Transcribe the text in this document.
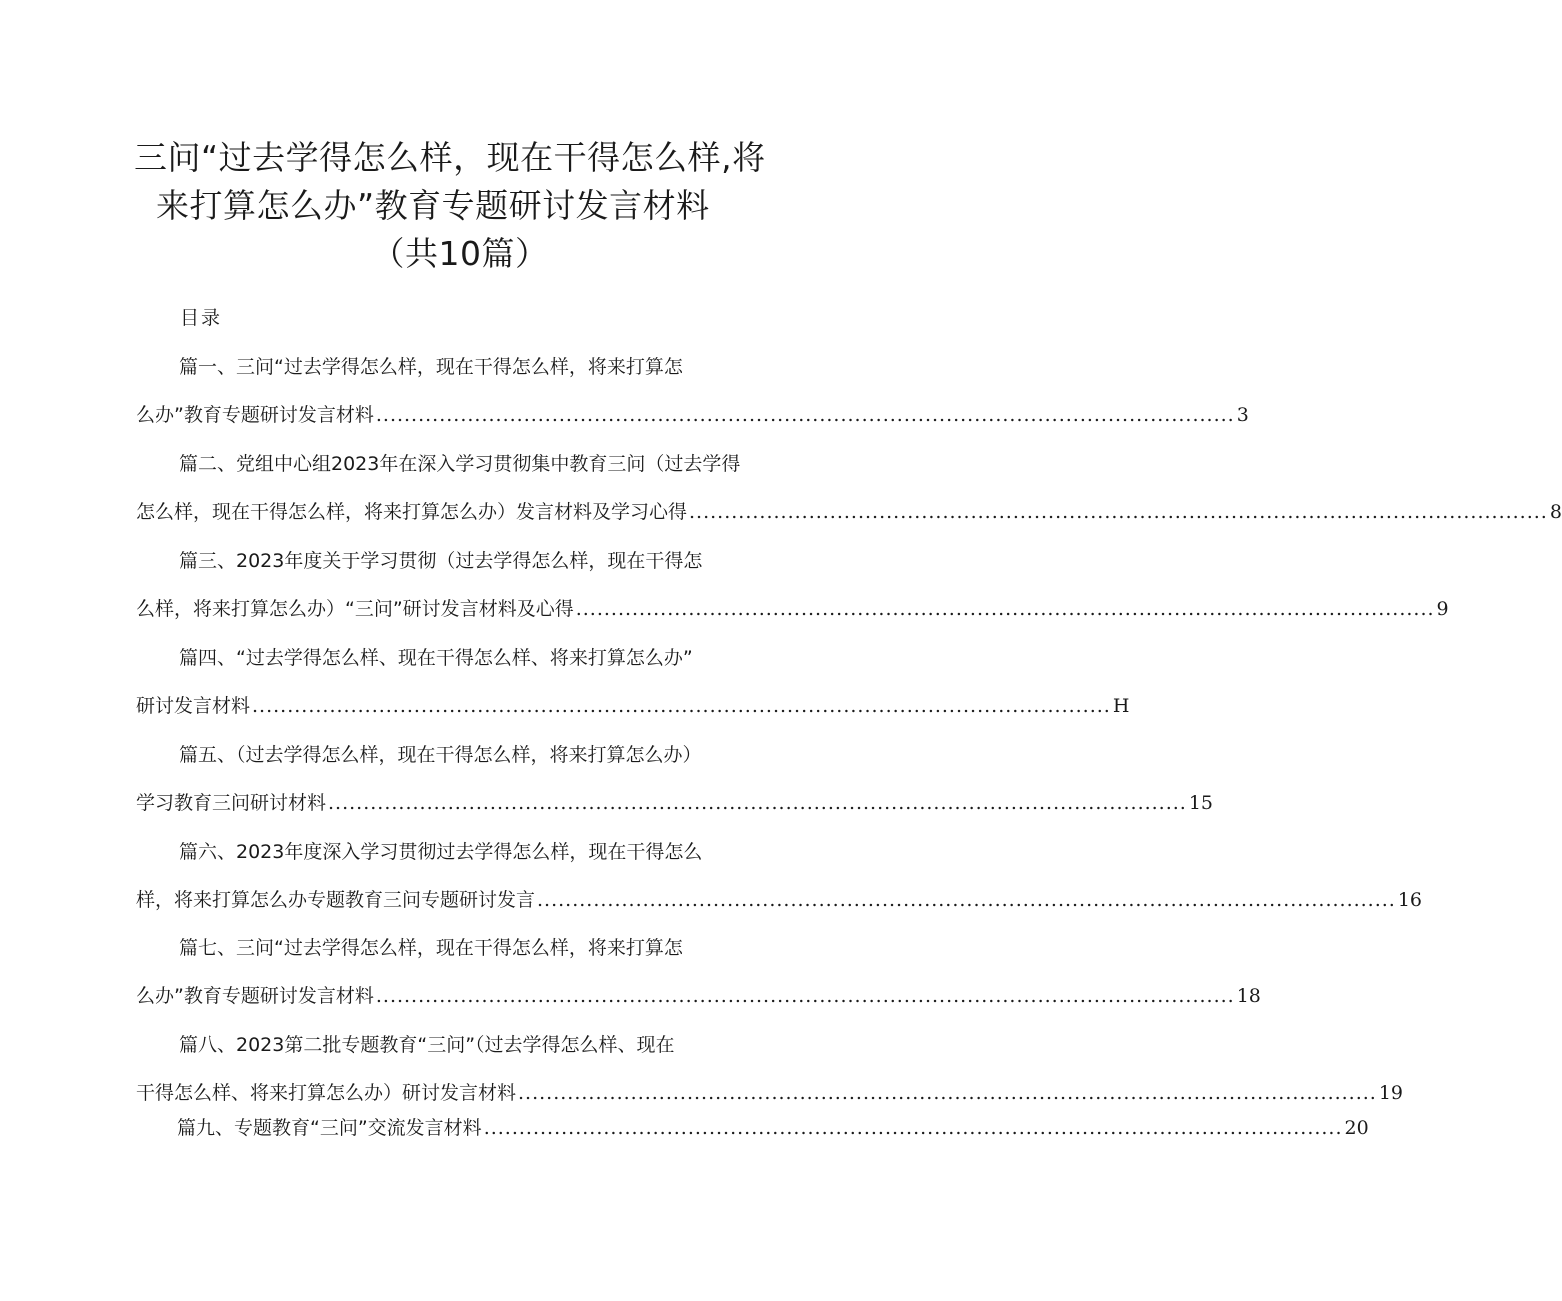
三问“过去学得怎么样，现在干得怎么样,将
来打算怎么办”教育专题研讨发言材料
（共10篇）
目录
篇一、三问“过去学得怎么样，现在干得怎么样，将来打算怎
么办”教育专题研讨发言材料 .......................................................................................................................... 3
篇二、党组中心组2023年在深入学习贯彻集中教育三问（过去学得
怎么样，现在干得怎么样，将来打算怎么办）发言材料及学习心得 .......................................................................................................................... 8
篇三、2023年度关于学习贯彻（过去学得怎么样，现在干得怎
么样，将来打算怎么办）“三问”研讨发言材料及心得 .......................................................................................................................... 9
篇四、“过去学得怎么样、现在干得怎么样、将来打算怎么办”
研讨发言材料 .......................................................................................................................... H
篇五、（过去学得怎么样，现在干得怎么样，将来打算怎么办）
学习教育三问研讨材料 .......................................................................................................................... 15
篇六、2023年度深入学习贯彻过去学得怎么样，现在干得怎么
样，将来打算怎么办专题教育三问专题研讨发言 .......................................................................................................................... 16
篇七、三问“过去学得怎么样，现在干得怎么样，将来打算怎
么办”教育专题研讨发言材料 .......................................................................................................................... 18
篇八、2023第二批专题教育“三问”（过去学得怎么样、现在
干得怎么样、将来打算怎么办）研讨发言材料 .......................................................................................................................... 19
篇九、专题教育“三问”交流发言材料 .......................................................................................................................... 20
